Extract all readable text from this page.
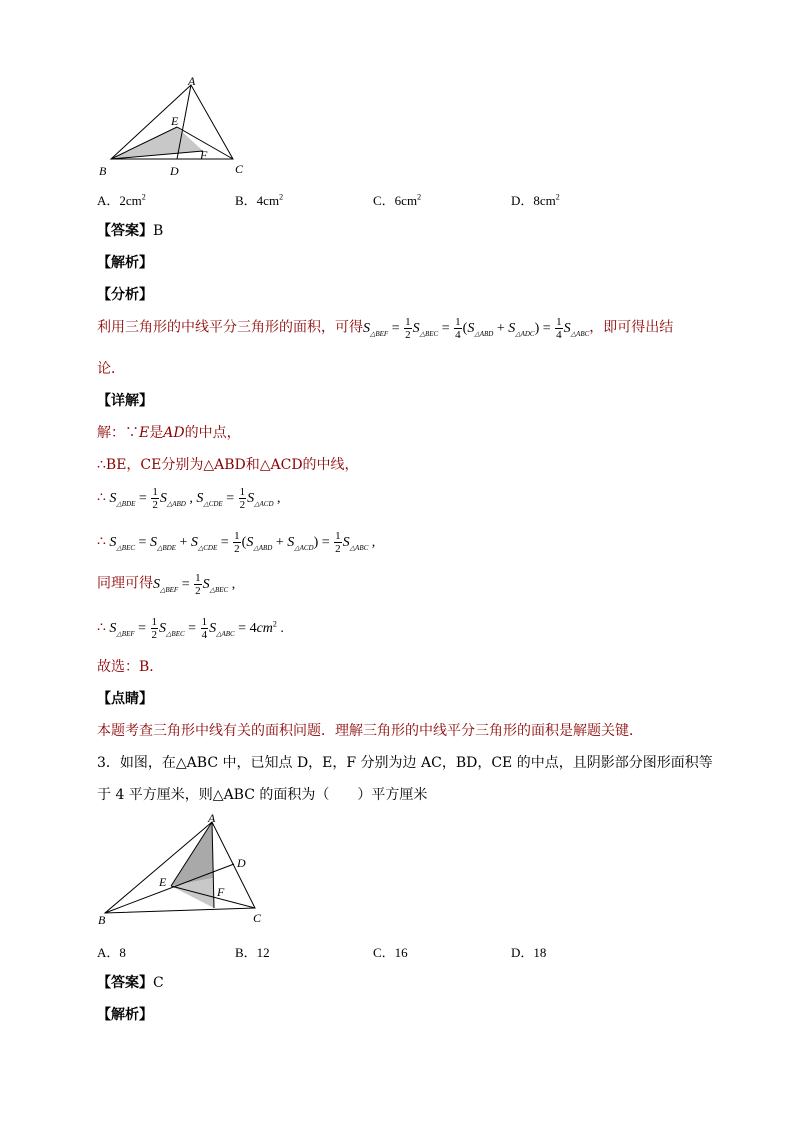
A
E
F
B	D	C
A．$2cm^2$	B．$4cm^2$	C．$6cm^2$	D．$8cm^2$
【答案】B
【解析】
【分析】
利用三角形的中线平分三角形的面积，可得$S_{\triangle BEF} = \frac{1}{2} S_{\triangle BEC} = \frac{1}{4} (S_{\triangle ABD} + S_{\triangle ADC}) = \frac{1}{4} S_{\triangle ABC}$，即可得出结
论．
【详解】
解：∵E是AD的中点，
∴BE，CE分别为△ABD和△ACD的中线，
∴ $S_{\triangle BDE} = \frac{1}{2} S_{\triangle ABD}$ , $S_{\triangle CDE} = \frac{1}{2} S_{\triangle ACD}$ ,
∴ $S_{\triangle BEC} = S_{\triangle BDE} + S_{\triangle CDE} = \frac{1}{2} (S_{\triangle ABD} + S_{\triangle ACD}) = \frac{1}{2} S_{\triangle ABC}$ ,
同理可得$S_{\triangle BEF} = \frac{1}{2} S_{\triangle BEC}$ ,
∴ $S_{\triangle BEF} = \frac{1}{2} S_{\triangle BEC} = \frac{1}{4} S_{\triangle ABC} = 4cm^2$ .
故选：B．
【点睛】
本题考查三角形中线有关的面积问题．理解三角形的中线平分三角形的面积是解题关键．
3．如图，在△ABC 中，已知点 D，E，F 分别为边 AC，BD，CE 的中点，且阴影部分图形面积等
于 4 平方厘米，则△ABC 的面积为（　　）平方厘米
A
D
E
F
B	C
A．8	B．12	C．16	D．18
【答案】C
【解析】
